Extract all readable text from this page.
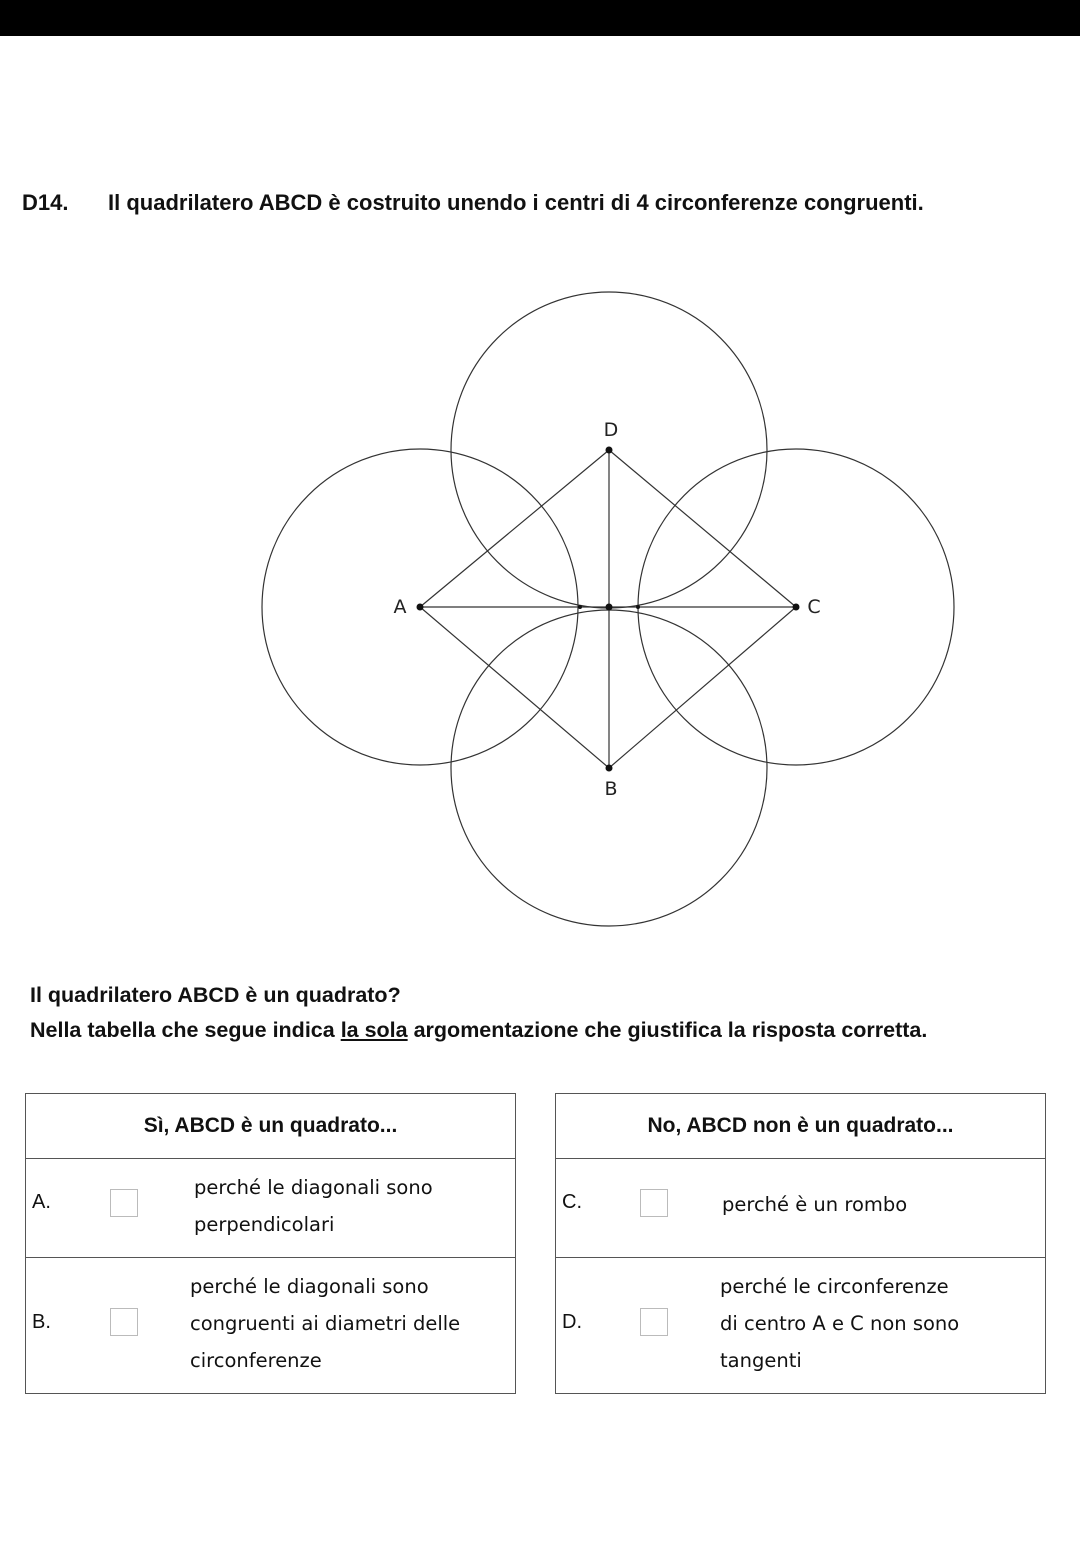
D14. Il quadrilatero ABCD è costruito unendo i centri di 4 circonferenze congruenti.
D
A	C
B
Il quadrilatero ABCD è un quadrato?
Nella tabella che segue indica la sola argomentazione che giustifica la risposta corretta.
Sì, ABCD è un quadrato...
A.
perché le diagonali sono
perpendicolari
B.
perché le diagonali sono
congruenti ai diametri delle
circonferenze
No, ABCD non è un quadrato...
C.	perché è un rombo
D.
perché le circonferenze
di centro A e C non sono
tangenti
